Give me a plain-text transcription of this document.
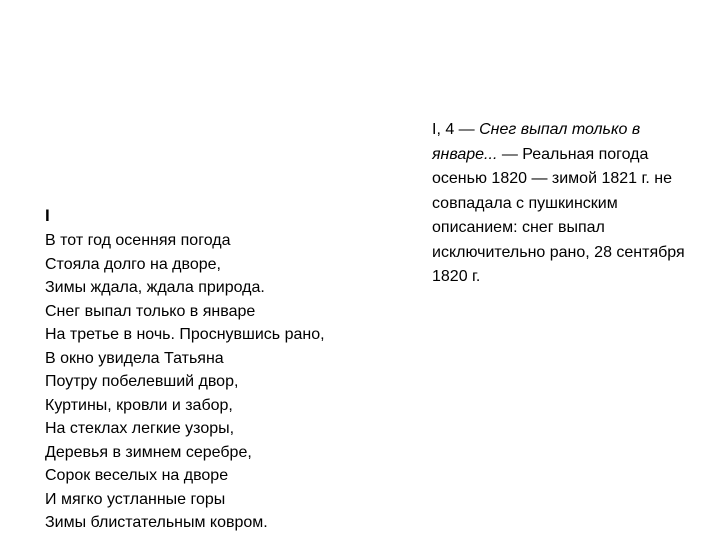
I
В тот год осенняя погода
Стояла долго на дворе,
Зимы ждала, ждала природа.
Снег выпал только в январе
На третье в ночь. Проснувшись рано,
В окно увидела Татьяна
Поутру побелевший двор,
Куртины, кровли и забор,
На стеклах легкие узоры,
Деревья в зимнем серебре,
Сорок веселых на дворе
И мягко устланные горы
Зимы блистательным ковром.
I, 4 — Снег выпал только в январе... — Реальная погода осенью 1820 — зимой 1821 г. не совпадала с пушкинским описанием: снег выпал исключительно рано, 28 сентября 1820 г.
